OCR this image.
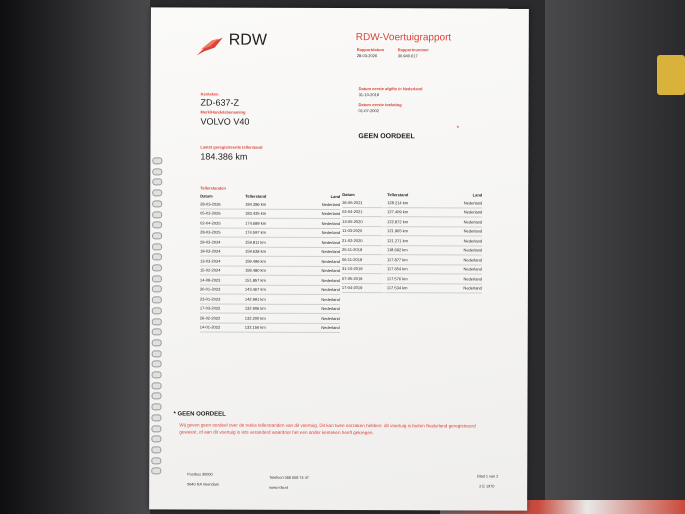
RDW	RDW-Voertuigrapport
Rapportdatum
28-03-2026
Rapportnummer
30.940.617
Kenteken
ZD-637-Z
Merk/Handelsbenaming
VOLVO V40
Laatst geregistreerde tellerstand
184.386 km
Datum eerste afgifte in Nederland
31-10-2019
Datum eerste toelating
01-07-2002
GEEN OORDEEL
*
Tellerstanden
Datum	Tellerstand	Land
28-03-2026	184.386 km	Nederland
05-03-2026	183.435 km	Nederland
02-04-2025	174.689 km	Nederland
28-03-2025	174.597 km	Nederland
29-03-2024	159.811 km	Nederland
19-03-2024	159.638 km	Nederland
13-03-2024	159.496 km	Nederland
15-02-2024	158.480 km	Nederland
14-09-2023	151.857 km	Nederland
30-01-2023	143.467 km	Nederland
23-01-2023	142.991 km	Nederland
17-03-2022	132.906 km	Nederland
26-02-2022	132.200 km	Nederland
14-01-2022	132.156 km	Nederland
Datum	Tellerstand	Land
26-05-2021	128.214 km	Nederland
02-04-2021	127.409 km	Nederland
13-05-2020	122.872 km	Nederland
11-03-2020	121.965 km	Nederland
21-02-2020	121.271 km	Nederland
25-11-2019	118.692 km	Nederland
06-11-2019	117.877 km	Nederland
31-10-2019	117.654 km	Nederland
07-05-2019	117.576 km	Nederland
17-04-2019	117.534 km	Nederland
* GEEN OORDEEL
Wij geven geen oordeel over de reeks tellerstanden van dit voertuig. Dit kan twee oorzaken hebben: dit voertuig is buiten Nederland geregistreerd geweest, of aan dit voertuig is iets veranderd waardoor het een ander kenteken heeft gekregen.
Postbus 30000
9640 RA Veendam
Telefoon 088 008 74 47
www.rdw.nl
Blad 1 van 2
2 E 1970
